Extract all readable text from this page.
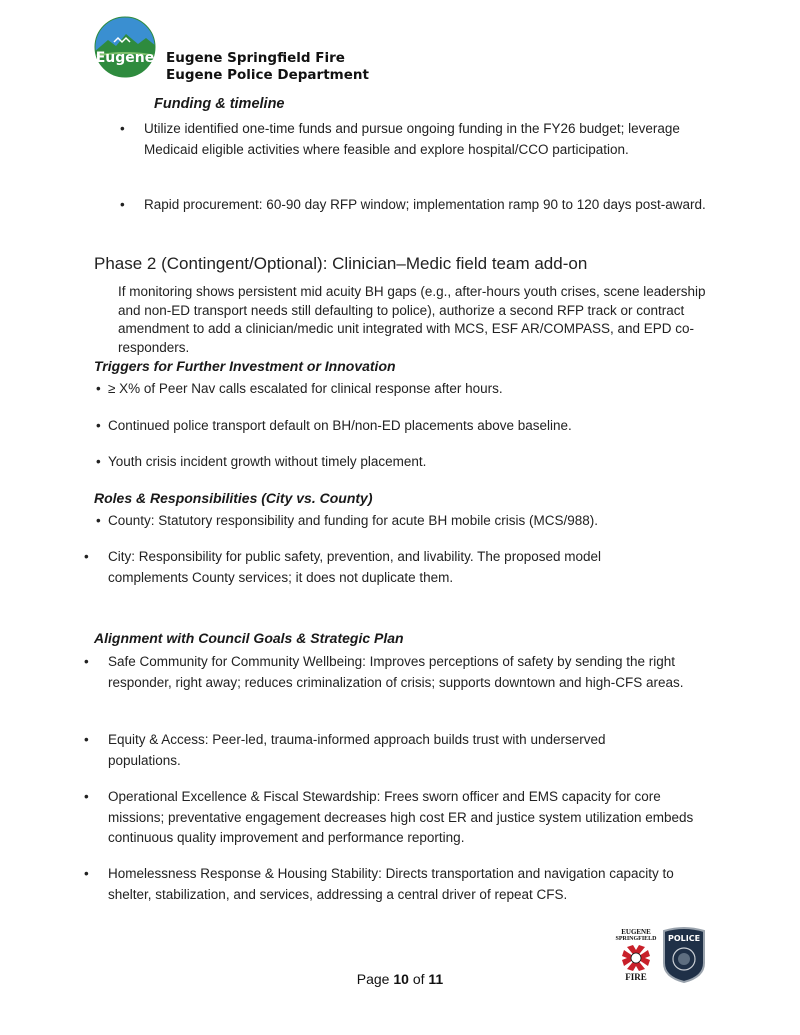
Eugene Eugene Springfield Fire
Eugene Police Department
Funding & timeline
• Utilize identified one-time funds and pursue ongoing funding in the FY26 budget; leverage Medicaid eligible activities where feasible and explore hospital/CCO participation.
• Rapid procurement: 60-90 day RFP window; implementation ramp 90 to 120 days post-award.
Phase 2 (Contingent/Optional): Clinician–Medic field team add-on
If monitoring shows persistent mid acuity BH gaps (e.g., after-hours youth crises, scene leadership and non-ED transport needs still defaulting to police), authorize a second RFP track or contract amendment to add a clinician/medic unit integrated with MCS, ESF AR/COMPASS, and EPD co-responders.
Triggers for Further Investment or Innovation
• ≥ X% of Peer Nav calls escalated for clinical response after hours.
• Continued police transport default on BH/non-ED placements above baseline.
• Youth crisis incident growth without timely placement.
Roles & Responsibilities (City vs. County)
• County: Statutory responsibility and funding for acute BH mobile crisis (MCS/988).
• City: Responsibility for public safety, prevention, and livability. The proposed model complements County services; it does not duplicate them.
Alignment with Council Goals & Strategic Plan
• Safe Community for Community Wellbeing: Improves perceptions of safety by sending the right responder, right away; reduces criminalization of crisis; supports downtown and high-CFS areas.
• Equity & Access: Peer-led, trauma-informed approach builds trust with underserved populations.
• Operational Excellence & Fiscal Stewardship: Frees sworn officer and EMS capacity for core missions; preventative engagement decreases high cost ER and justice system utilization embeds continuous quality improvement and performance reporting.
• Homelessness Response & Housing Stability: Directs transportation and navigation capacity to shelter, stabilization, and services, addressing a central driver of repeat CFS.
Page 10 of 11
EUGENE
SPRINGFIELD
FIRE
POLICE
